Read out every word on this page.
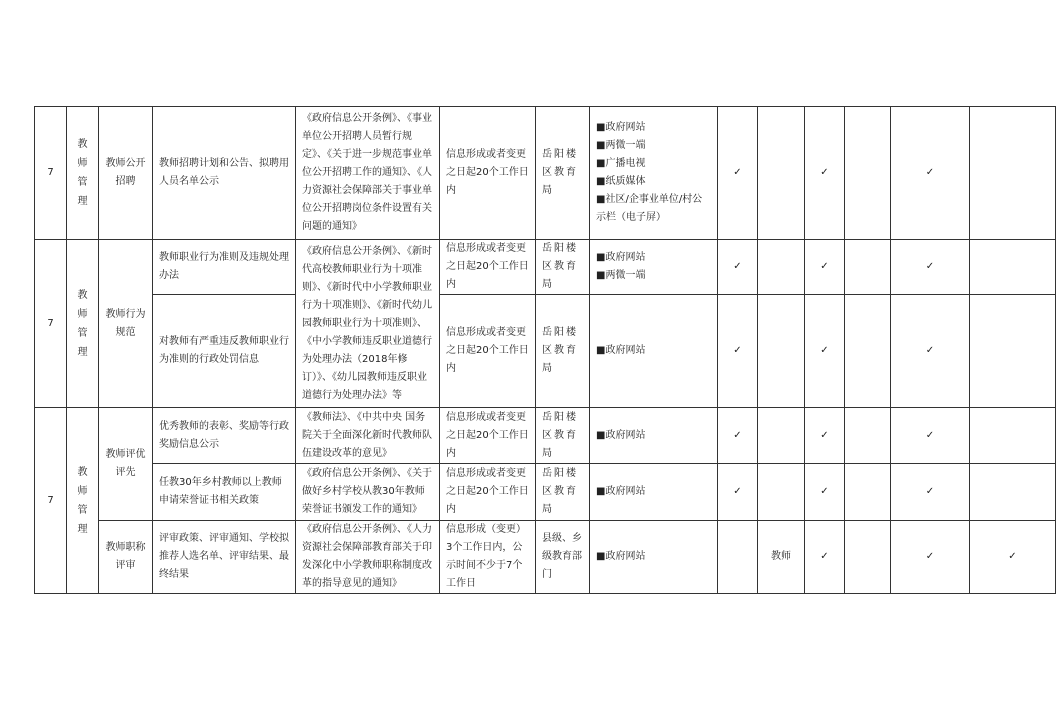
7	教师管理	教师公开招聘	教师招聘计划和公告、拟聘用人员名单公示	《政府信息公开条例》、《事业单位公开招聘人员暂行规定》、《关于进一步规范事业单位公开招聘工作的通知》、《人力资源社会保障部关于事业单位公开招聘岗位条件设置有关问题的通知》	信息形成或者变更之日起20个工作日内	岳阳楼区教育局	■政府网站
■两微一端
■广播电视
■纸质媒体
■社区/企事业单位/村公示栏（电子屏）	✓		✓		✓	
7	教师管理	教师行为规范	教师职业行为准则及违规处理办法	《政府信息公开条例》、《新时代高校教师职业行为十项准则》、《新时代中小学教师职业行为十项准则》、《新时代幼儿园教师职业行为十项准则》、《中小学教师违反职业道德行为处理办法（2018年修订）》、《幼儿园教师违反职业道德行为处理办法》等	信息形成或者变更之日起20个工作日内	岳阳楼区教育局	■政府网站
■两微一端	✓		✓		✓	
			对教师有严重违反教师职业行为准则的行政处罚信息		信息形成或者变更之日起20个工作日内	岳阳楼区教育局	■政府网站	✓		✓		✓	
7	教师管理	教师评优评先	优秀教师的表彰、奖励等行政奖励信息公示	《教师法》、《中共中央 国务院关于全面深化新时代教师队伍建设改革的意见》	信息形成或者变更之日起20个工作日内	岳阳楼区教育局	■政府网站	✓		✓		✓	
			任教30年乡村教师以上教师申请荣誉证书相关政策	《政府信息公开条例》、《关于做好乡村学校从教30年教师荣誉证书颁发工作的通知》	信息形成或者变更之日起20个工作日内	岳阳楼区教育局	■政府网站	✓		✓		✓	
		教师职称评审	评审政策、评审通知、学校拟推荐人选名单、评审结果、最终结果	《政府信息公开条例》、《人力资源社会保障部教育部关于印发深化中小学教师职称制度改革的指导意见的通知》	信息形成（变更）3个工作日内，公示时间不少于7个工作日	县级、乡级教育部门	■政府网站		教师	✓		✓	✓
